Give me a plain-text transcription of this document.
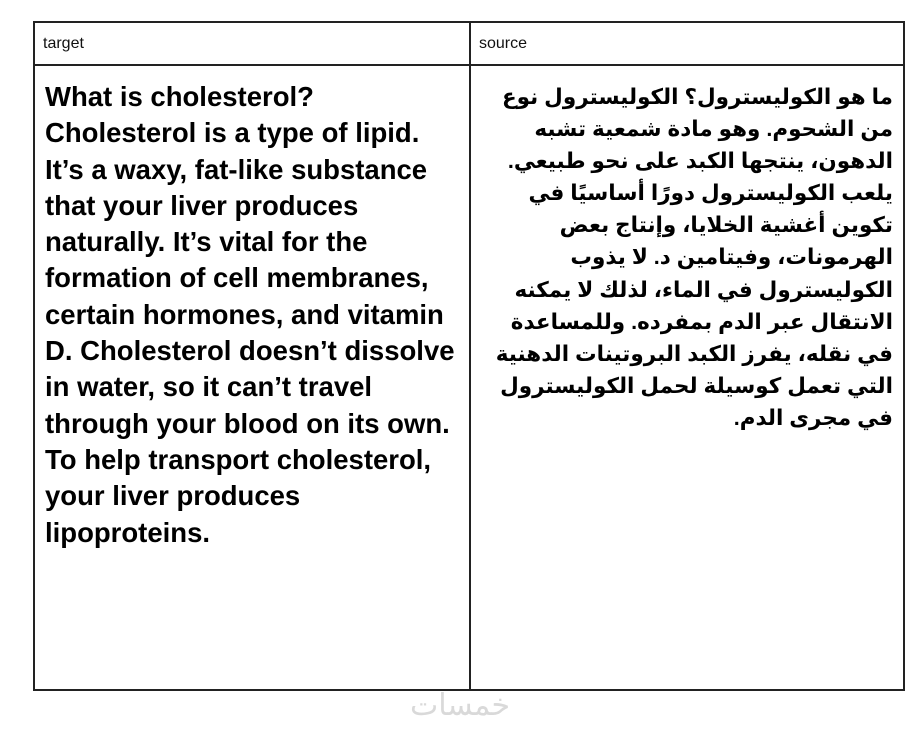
target	source

What is cholesterol? Cholesterol is a type of lipid. It’s a waxy, fat-like substance that your liver produces naturally. It’s vital for the formation of cell membranes, certain hormones, and vitamin D. Cholesterol doesn’t dissolve in water, so it can’t travel through your blood on its own. To help transport cholesterol, your liver produces lipoproteins.

ما هو الكوليسترول؟ الكوليسترول نوع من الشحوم. وهو مادة شمعية تشبه الدهون، ينتجها الكبد على نحو طبيعي. يلعب الكوليسترول دورًا أساسيًا في تكوين أغشية الخلايا، وإنتاج بعض الهرمونات، وفيتامين د. لا يذوب الكوليسترول في الماء، لذلك لا يمكنه الانتقال عبر الدم بمفرده. وللمساعدة في نقله، يفرز الكبد البروتينات الدهنية التي تعمل كوسيلة لحمل الكوليسترول في مجرى الدم.

خمسات
